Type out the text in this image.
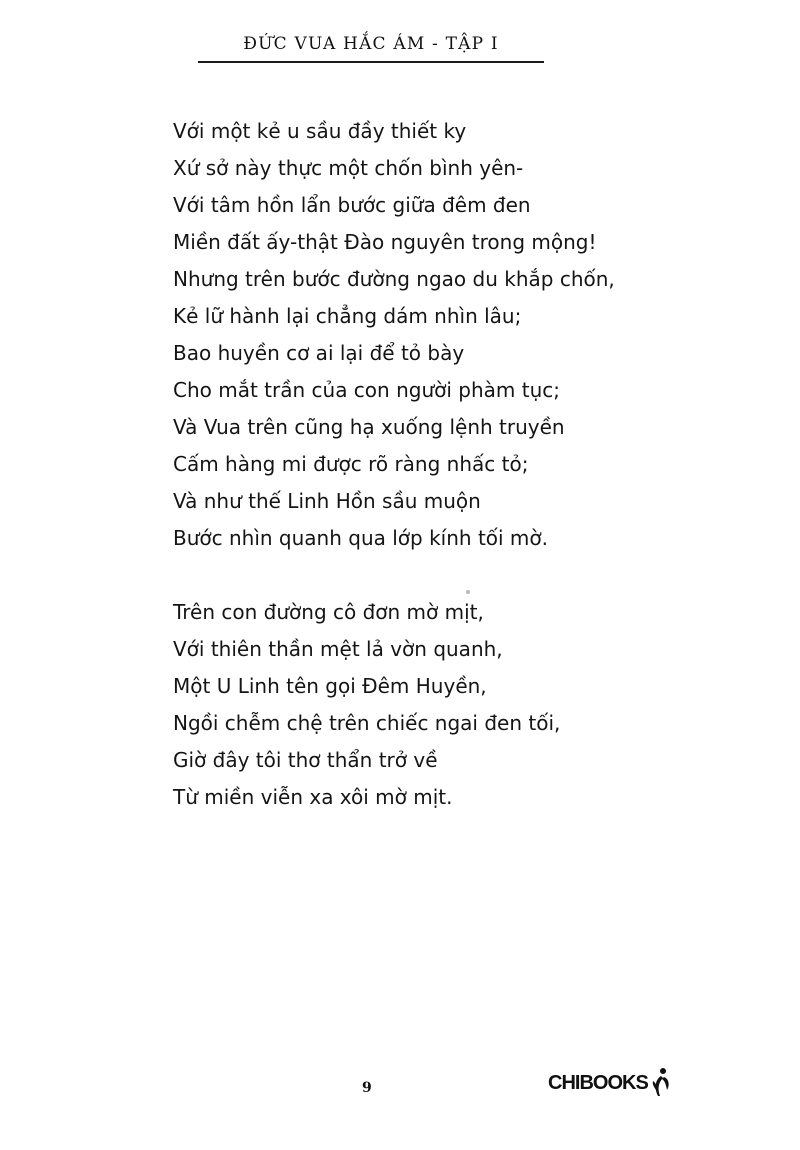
ĐỨC VUA HẮC ÁM - TẬP I
Với một kẻ u sầu đầy thiết ky
Xứ sở này thực một chốn bình yên-
Với tâm hồn lẩn bước giữa đêm đen
Miền đất ấy-thật Đào nguyên trong mộng!
Nhưng trên bước đường ngao du khắp chốn,
Kẻ lữ hành lại chẳng dám nhìn lâu;
Bao huyền cơ ai lại để tỏ bày
Cho mắt trần của con người phàm tục;
Và Vua trên cũng hạ xuống lệnh truyền
Cấm hàng mi được rõ ràng nhấc tỏ;
Và như thế Linh Hồn sầu muộn
Bước nhìn quanh qua lớp kính tối mờ.
Trên con đường cô đơn mờ mịt,
Với thiên thần mệt lả vờn quanh,
Một U Linh tên gọi Đêm Huyền,
Ngồi chễm chệ trên chiếc ngai đen tối,
Giờ đây tôi thơ thẩn trở về
Từ miền viễn xa xôi mờ mịt.
9	CHIBOOKS
